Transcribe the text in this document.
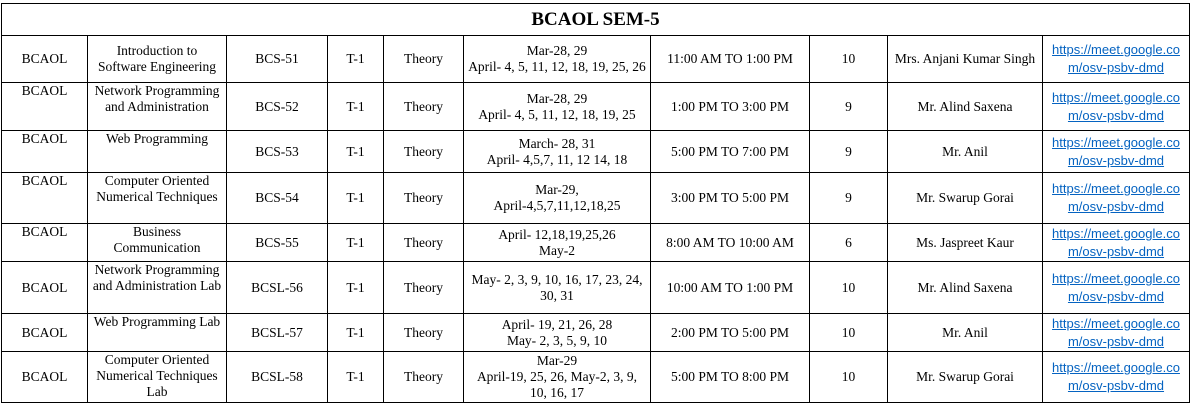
BCAOL SEM-5									
BCAOL	Introduction to Software Engineering	BCS-51	T-1	Theory	Mar-28, 29
April- 4, 5, 11, 12, 18, 19, 25, 26	11:00 AM TO 1:00 PM	10	Mrs. Anjani Kumar Singh	https://meet.google.com/osv-psbv-dmd

BCAOL	Network Programming and Administration	BCS-52	T-1	Theory	Mar-28, 29
April- 4, 5, 11, 12, 18, 19, 25	1:00 PM TO 3:00 PM	9	Mr. Alind Saxena	https://meet.google.com/osv-psbv-dmd

BCAOL	Web Programming	BCS-53	T-1	Theory	March- 28, 31
April- 4,5,7, 11, 12 14, 18	5:00 PM TO 7:00 PM	9	Mr. Anil	https://meet.google.com/osv-psbv-dmd

BCAOL	Computer Oriented Numerical Techniques	BCS-54	T-1	Theory	Mar-29,
April-4,5,7,11,12,18,25	3:00 PM TO 5:00 PM	9	Mr. Swarup Gorai	https://meet.google.com/osv-psbv-dmd

BCAOL	Business Communication	BCS-55	T-1	Theory	April- 12,18,19,25,26
May-2	8:00 AM TO 10:00 AM	6	Ms. Jaspreet Kaur	https://meet.google.com/osv-psbv-dmd

BCAOL	Network Programming and Administration Lab	BCSL-56	T-1	Theory	May- 2, 3, 9, 10, 16, 17, 23, 24, 30, 31	10:00 AM TO 1:00 PM	10	Mr. Alind Saxena	https://meet.google.com/osv-psbv-dmd

BCAOL	Web Programming Lab	BCSL-57	T-1	Theory	April- 19, 21, 26, 28
May- 2, 3, 5, 9, 10	2:00 PM TO 5:00 PM	10	Mr. Anil	https://meet.google.com/osv-psbv-dmd

BCAOL	Computer Oriented Numerical Techniques Lab	BCSL-58	T-1	Theory	Mar-29
April-19, 25, 26, May-2, 3, 9, 10, 16, 17	5:00 PM TO 8:00 PM	10	Mr. Swarup Gorai	https://meet.google.com/osv-psbv-dmd
